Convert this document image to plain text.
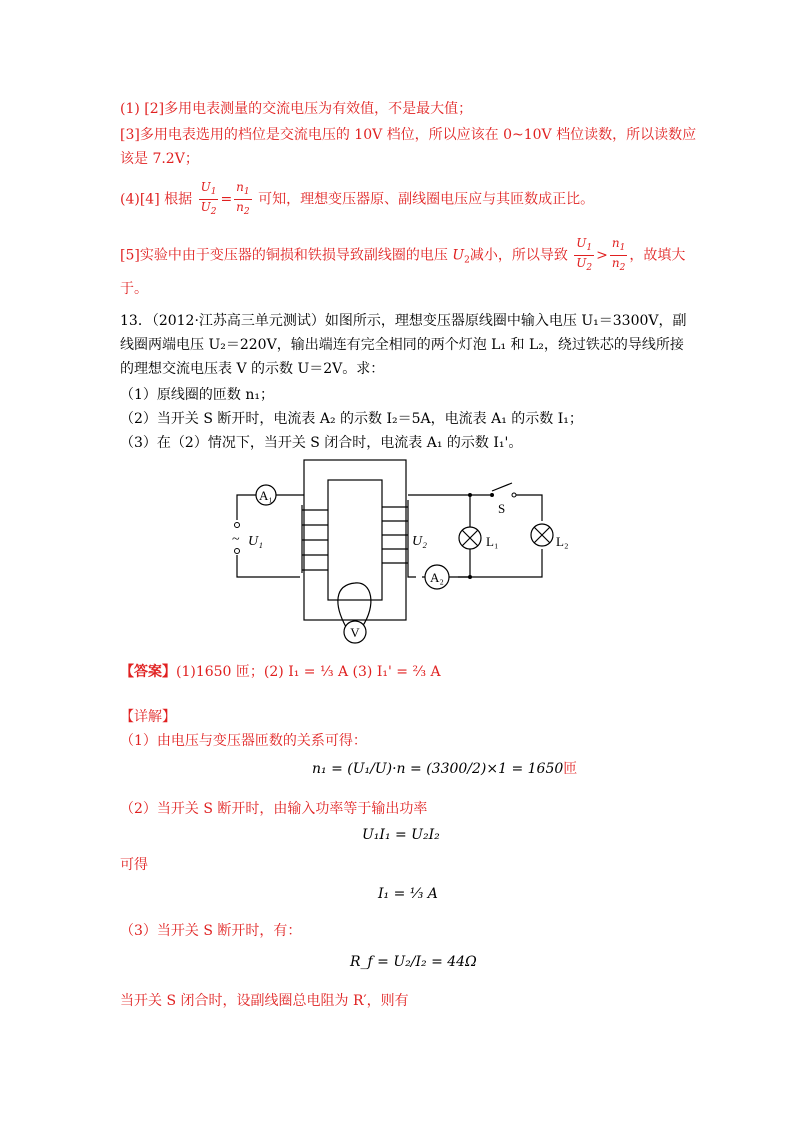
(1) [2]多用电表测量的交流电压为有效值，不是最大值；
[3]多用电表选用的档位是交流电压的 10V 档位，所以应该在 0~10V 档位读数，所以读数应
该是 7.2V；
(4)[4] 根据 $\frac{U_1}{U_2} = \frac{n_1}{n_2}$ 可知，理想变压器原、副线圈电压应与其匝数成正比。
[5]实验中由于变压器的铜损和铁损导致副线圈的电压 $U_2$减小，所以导致 $\frac{U_1}{U_2} > \frac{n_1}{n_2}$ ，故填大
于。
13．（2012·江苏高三单元测试）如图所示，理想变压器原线圈中输入电压 U₁＝3300V，副
线圈两端电压 U₂＝220V，输出端连有完全相同的两个灯泡 L₁ 和 L₂，绕过铁芯的导线所接
的理想交流电压表 V 的示数 U＝2V。求：
（1）原线圈的匝数 n₁；
（2）当开关 S 断开时，电流表 A₂ 的示数 I₂＝5A，电流表 A₁ 的示数 I₁；
（3）在（2）情况下，当开关 S 闭合时，电流表 A₁ 的示数 I₁'。
A₁
A₂
V
~ U₁	U₂
S
L₁	L₂
【答案】(1)1650 匝；(2) I₁ = ⅓ A (3) I₁' = ⅔ A
【详解】
（1）由电压与变压器匝数的关系可得：
n₁ = (U₁/U)·n = (3300/2)×1 = 1650匝
（2）当开关 S 断开时，由输入功率等于输出功率
U₁I₁ = U₂I₂
可得
I₁ = ⅓ A
（3）当开关 S 断开时，有：
R_f = U₂/I₂ = 44Ω
当开关 S 闭合时，设副线圈总电阻为 R′，则有
